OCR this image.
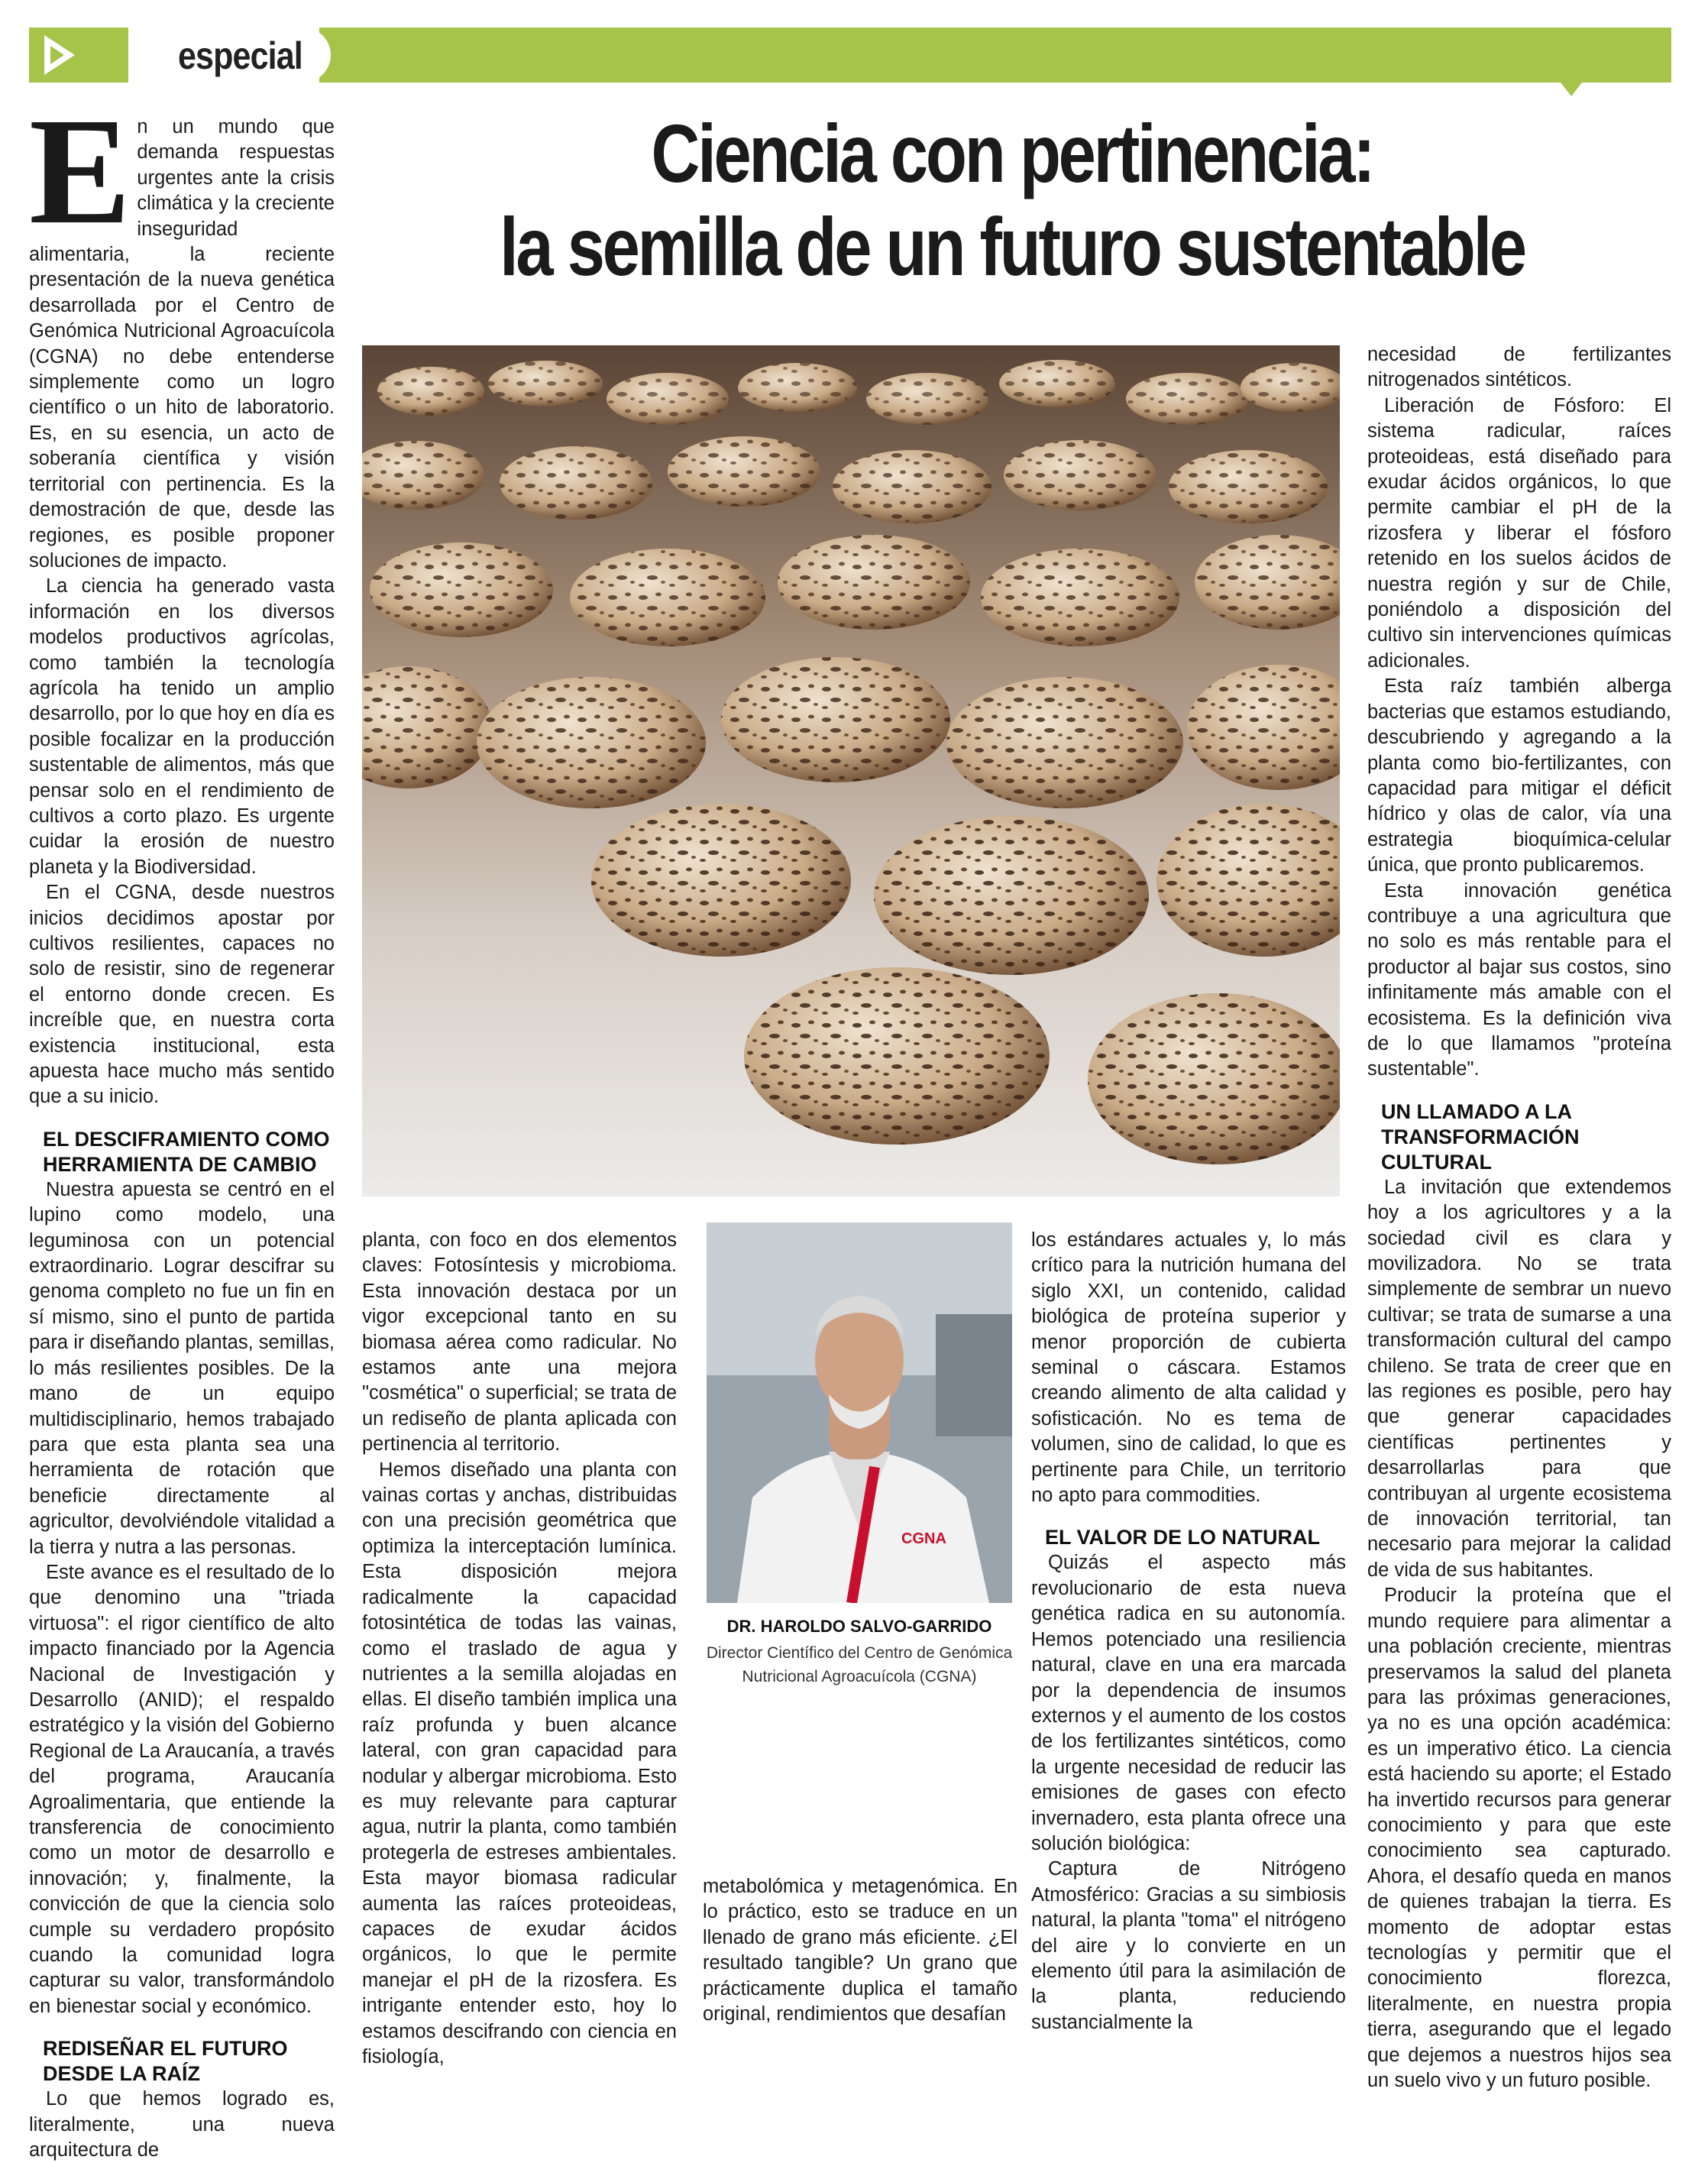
especial
Ciencia con pertinencia:
la semilla de un futuro sustentable

En un mundo que demanda respuestas urgentes ante la crisis climática y la creciente inseguridad alimentaria, la reciente presentación de la nueva genética desarrollada por el Centro de Genómica Nutricional Agroacuícola (CGNA) no debe entenderse simplemente como un logro científico o un hito de laboratorio. Es, en su esencia, un acto de soberanía científica y visión territorial con pertinencia. Es la demostración de que, desde las regiones, es posible proponer soluciones de impacto.

La ciencia ha generado vasta información en los diversos modelos productivos agrícolas, como también la tecnología agrícola ha tenido un amplio desarrollo, por lo que hoy en día es posible focalizar en la producción sustentable de alimentos, más que pensar solo en el rendimiento de cultivos a corto plazo. Es urgente cuidar la erosión de nuestro planeta y la Biodiversidad.

En el CGNA, desde nuestros inicios decidimos apostar por cultivos resilientes, capaces no solo de resistir, sino de regenerar el entorno donde crecen. Es increíble que, en nuestra corta existencia institucional, esta apuesta hace mucho más sentido que a su inicio.

EL DESCIFRAMIENTO COMO HERRAMIENTA DE CAMBIO

Nuestra apuesta se centró en el lupino como modelo, una leguminosa con un potencial extraordinario. Lograr descifrar su genoma completo no fue un fin en sí mismo, sino el punto de partida para ir diseñando plantas, semillas, lo más resilientes posibles. De la mano de un equipo multidisciplinario, hemos trabajado para que esta planta sea una herramienta de rotación que beneficie directamente al agricultor, devolviéndole vitalidad a la tierra y nutra a las personas.

Este avance es el resultado de lo que denomino una "triada virtuosa": el rigor científico de alto impacto financiado por la Agencia Nacional de Investigación y Desarrollo (ANID); el respaldo estratégico y la visión del Gobierno Regional de La Araucanía, a través del programa, Araucanía Agroalimentaria, que entiende la transferencia de conocimiento como un motor de desarrollo e innovación; y, finalmente, la convicción de que la ciencia solo cumple su verdadero propósito cuando la comunidad logra capturar su valor, transformándolo en bienestar social y económico.

REDISEÑAR EL FUTURO DESDE LA RAÍZ

Lo que hemos logrado es, literalmente, una nueva arquitectura de

planta, con foco en dos elementos claves: Fotosíntesis y microbioma. Esta innovación destaca por un vigor excepcional tanto en su biomasa aérea como radicular. No estamos ante una mejora "cosmética" o superficial; se trata de un rediseño de planta aplicada con pertinencia al territorio.

Hemos diseñado una planta con vainas cortas y anchas, distribuidas con una precisión geométrica que optimiza la interceptación lumínica. Esta disposición mejora radicalmente la capacidad fotosintética de todas las vainas, como el traslado de agua y nutrientes a la semilla alojadas en ellas. El diseño también implica una raíz profunda y buen alcance lateral, con gran capacidad para nodular y albergar microbioma. Esto es muy relevante para capturar agua, nutrir la planta, como también protegerla de estreses ambientales. Esta mayor biomasa radicular aumenta las raíces proteoideas, capaces de exudar ácidos orgánicos, lo que le permite manejar el pH de la rizosfera. Es intrigante entender esto, hoy lo estamos descifrando con ciencia en fisiología,

CGNA
DR. HAROLDO SALVO-GARRIDO
Director Científico del Centro de Genómica Nutricional Agroacuícola (CGNA)

metabolómica y metagenómica. En lo práctico, esto se traduce en un llenado de grano más eficiente. ¿El resultado tangible? Un grano que prácticamente duplica el tamaño original, rendimientos que desafían

los estándares actuales y, lo más crítico para la nutrición humana del siglo XXI, un contenido, calidad biológica de proteína superior y menor proporción de cubierta seminal o cáscara. Estamos creando alimento de alta calidad y sofisticación. No es tema de volumen, sino de calidad, lo que es pertinente para Chile, un territorio no apto para commodities.

EL VALOR DE LO NATURAL

Quizás el aspecto más revolucionario de esta nueva genética radica en su autonomía. Hemos potenciado una resiliencia natural, clave en una era marcada por la dependencia de insumos externos y el aumento de los costos de los fertilizantes sintéticos, como la urgente necesidad de reducir las emisiones de gases con efecto invernadero, esta planta ofrece una solución biológica:

Captura de Nitrógeno Atmosférico: Gracias a su simbiosis natural, la planta "toma" el nitrógeno del aire y lo convierte en un elemento útil para la asimilación de la planta, reduciendo sustancialmente la

necesidad de fertilizantes nitrogenados sintéticos.

Liberación de Fósforo: El sistema radicular, raíces proteoideas, está diseñado para exudar ácidos orgánicos, lo que permite cambiar el pH de la rizosfera y liberar el fósforo retenido en los suelos ácidos de nuestra región y sur de Chile, poniéndolo a disposición del cultivo sin intervenciones químicas adicionales.

Esta raíz también alberga bacterias que estamos estudiando, descubriendo y agregando a la planta como bio-fertilizantes, con capacidad para mitigar el déficit hídrico y olas de calor, vía una estrategia bioquímica-celular única, que pronto publicaremos.

Esta innovación genética contribuye a una agricultura que no solo es más rentable para el productor al bajar sus costos, sino infinitamente más amable con el ecosistema. Es la definición viva de lo que llamamos "proteína sustentable".

UN LLAMADO A LA TRANSFORMACIÓN CULTURAL

La invitación que extendemos hoy a los agricultores y a la sociedad civil es clara y movilizadora. No se trata simplemente de sembrar un nuevo cultivar; se trata de sumarse a una transformación cultural del campo chileno. Se trata de creer que en las regiones es posible, pero hay que generar capacidades científicas pertinentes y desarrollarlas para que contribuyan al urgente ecosistema de innovación territorial, tan necesario para mejorar la calidad de vida de sus habitantes.

Producir la proteína que el mundo requiere para alimentar a una población creciente, mientras preservamos la salud del planeta para las próximas generaciones, ya no es una opción académica: es un imperativo ético. La ciencia está haciendo su aporte; el Estado ha invertido recursos para generar conocimiento y para que este conocimiento sea capturado. Ahora, el desafío queda en manos de quienes trabajan la tierra. Es momento de adoptar estas tecnologías y permitir que el conocimiento florezca, literalmente, en nuestra propia tierra, asegurando que el legado que dejemos a nuestros hijos sea un suelo vivo y un futuro posible.
